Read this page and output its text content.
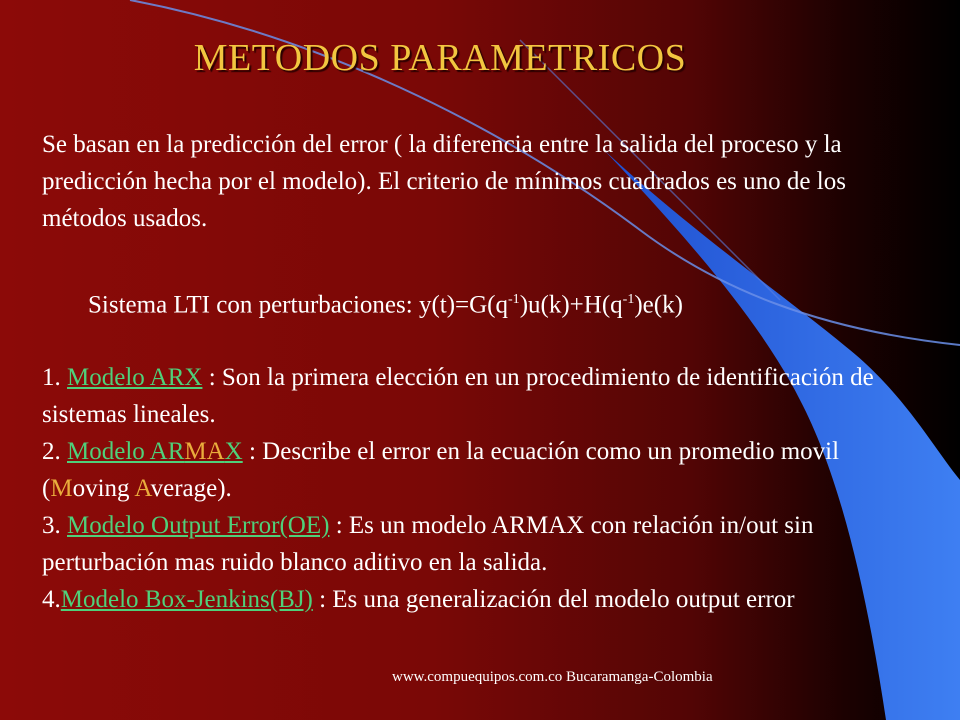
METODOS PARAMETRICOS

Se basan en la predicción del error ( la diferencia entre la salida del proceso y la predicción hecha por el modelo). El criterio de mínimos cuadrados es uno de los métodos usados.

Sistema LTI con perturbaciones: $y(t)=G(q^{-1})u(k)+H(q^{-1})e(k)$
1. Modelo ARX : Son la primera elección en un procedimiento de identificación de sistemas lineales.
2. Modelo ARMAX : Describe el error en la ecuación como un promedio movil (Moving Average).
3. Modelo Output Error(OE) : Es un modelo ARMAX con relación in/out sin perturbación mas ruido blanco aditivo en la salida.
4.Modelo Box-Jenkins(BJ) : Es una generalización del modelo output error
www.compuequipos.com.co Bucaramanga-Colombia
